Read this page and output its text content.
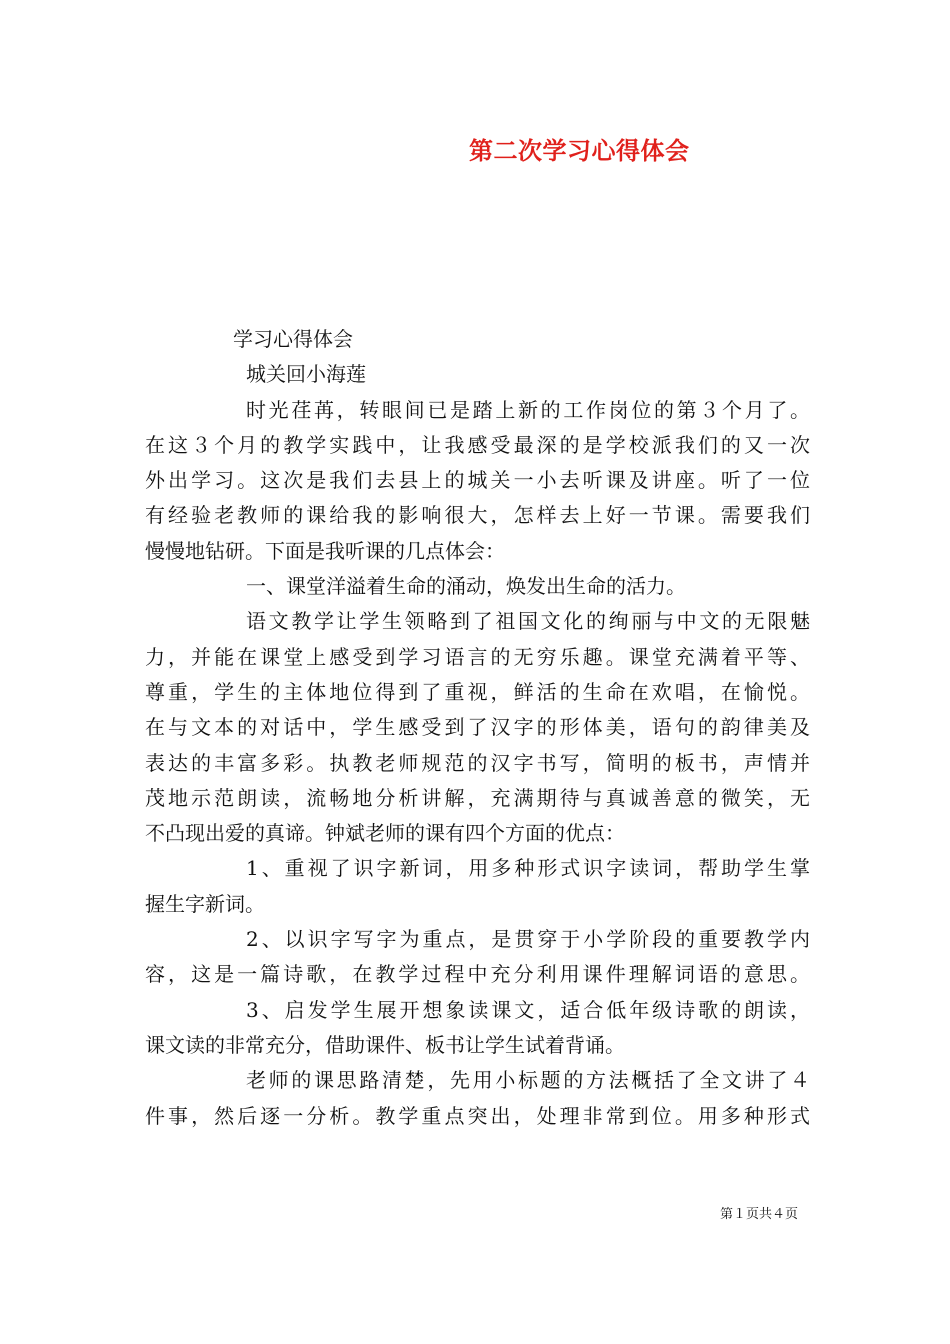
第二次学习心得体会
学习心得体会
城关回小海莲
时光荏苒，转眼间已是踏上新的工作岗位的第３个月了。
在这３个月的教学实践中，让我感受最深的是学校派我们的又一次
外出学习。这次是我们去县上的城关一小去听课及讲座。听了一位
有经验老教师的课给我的影响很大，怎样去上好一节课。需要我们
慢慢地钻研。下面是我听课的几点体会：
一、课堂洋溢着生命的涌动，焕发出生命的活力。
语文教学让学生领略到了祖国文化的绚丽与中文的无限魅
力，并能在课堂上感受到学习语言的无穷乐趣。课堂充满着平等、
尊重，学生的主体地位得到了重视，鲜活的生命在欢唱，在愉悦。
在与文本的对话中，学生感受到了汉字的形体美，语句的韵律美及
表达的丰富多彩。执教老师规范的汉字书写，简明的板书，声情并
茂地示范朗读，流畅地分析讲解，充满期待与真诚善意的微笑，无
不凸现出爱的真谛。钟斌老师的课有四个方面的优点：
1、重视了识字新词，用多种形式识字读词，帮助学生掌
握生字新词。
2、以识字写字为重点，是贯穿于小学阶段的重要教学内
容，这是一篇诗歌，在教学过程中充分利用课件理解词语的意思。
3、启发学生展开想象读课文，适合低年级诗歌的朗读，
课文读的非常充分，借助课件、板书让学生试着背诵。
老师的课思路清楚，先用小标题的方法概括了全文讲了４
件事，然后逐一分析。教学重点突出，处理非常到位。用多种形式
第１页共４页
